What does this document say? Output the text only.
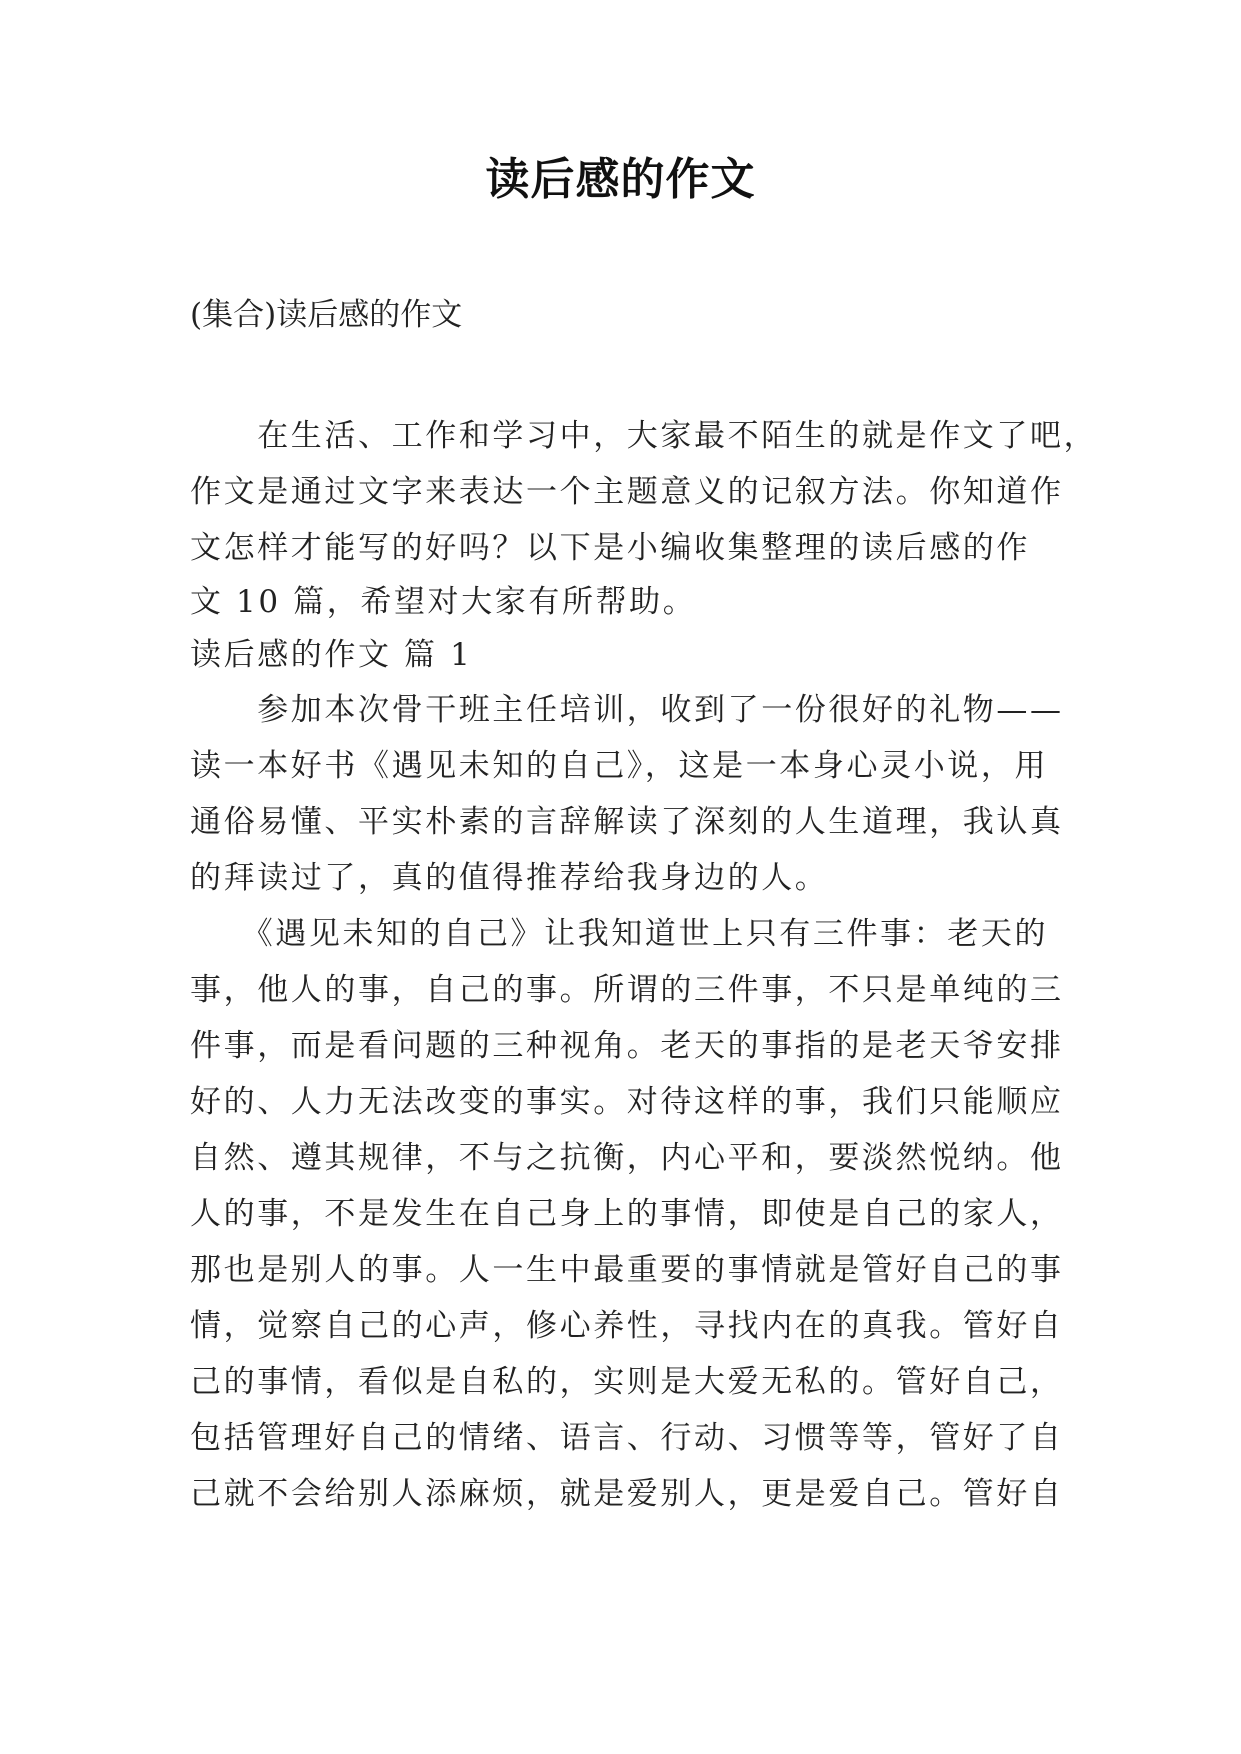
读后感的作文
(集合)读后感的作文
　　在生活、工作和学习中，大家最不陌生的就是作文了吧，
作文是通过文字来表达一个主题意义的记叙方法。你知道作
文怎样才能写的好吗？以下是小编收集整理的读后感的作
文 10 篇，希望对大家有所帮助。
读后感的作文 篇 1
　　参加本次骨干班主任培训，收到了一份很好的礼物——
读一本好书《遇见未知的自己》，这是一本身心灵小说，用
通俗易懂、平实朴素的言辞解读了深刻的人生道理，我认真
的拜读过了，真的值得推荐给我身边的人。
　　《遇见未知的自己》让我知道世上只有三件事：老天的
事，他人的事，自己的事。所谓的三件事，不只是单纯的三
件事，而是看问题的三种视角。老天的事指的是老天爷安排
好的、人力无法改变的事实。对待这样的事，我们只能顺应
自然、遵其规律，不与之抗衡，内心平和，要淡然悦纳。他
人的事，不是发生在自己身上的事情，即使是自己的家人，
那也是别人的事。人一生中最重要的事情就是管好自己的事
情，觉察自己的心声，修心养性，寻找内在的真我。管好自
己的事情，看似是自私的，实则是大爱无私的。管好自己，
包括管理好自己的情绪、语言、行动、习惯等等，管好了自
己就不会给别人添麻烦，就是爱别人，更是爱自己。管好自
